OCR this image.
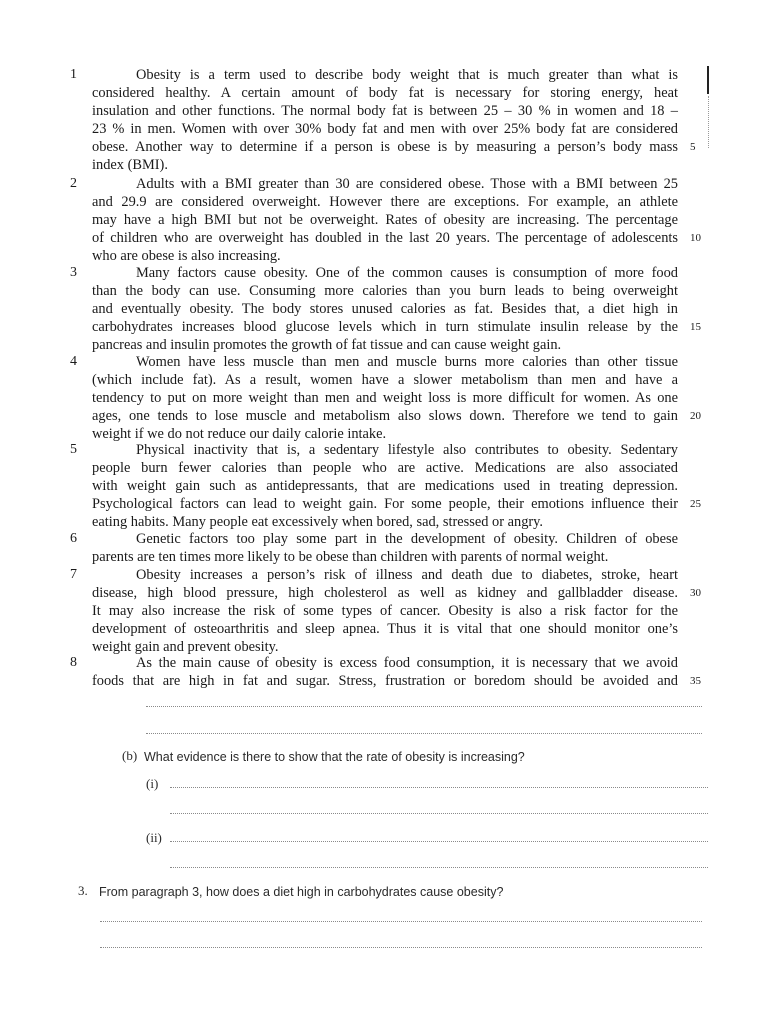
1	Obesity is a term used to describe body weight that is much greater than what is
considered healthy. A certain amount of body fat is necessary for storing energy, heat
insulation and other functions. The normal body fat is between 25 – 30 % in women and 18 –
23 % in men. Women with over 30% body fat and men with over 25% body fat are considered
obese. Another way to determine if a person is obese is by measuring a person’s body mass
index (BMI).
2	Adults with a BMI greater than 30 are considered obese. Those with a BMI between 25
and 29.9 are considered overweight. However there are exceptions. For example, an athlete
may have a high BMI but not be overweight. Rates of obesity are increasing. The percentage
of children who are overweight has doubled in the last 20 years. The percentage of adolescents
who are obese is also increasing.
3	Many factors cause obesity. One of the common causes is consumption of more food
than the body can use. Consuming more calories than you burn leads to being overweight
and eventually obesity. The body stores unused calories as fat. Besides that, a diet high in
carbohydrates increases blood glucose levels which in turn stimulate insulin release by the
pancreas and insulin promotes the growth of fat tissue and can cause weight gain.
4	Women have less muscle than men and muscle burns more calories than other tissue
(which include fat). As a result, women have a slower metabolism than men and have a
tendency to put on more weight than men and weight loss is more difficult for women. As one
ages, one tends to lose muscle and metabolism also slows down. Therefore we tend to gain
weight if we do not reduce our daily calorie intake.
5	Physical inactivity that is, a sedentary lifestyle also contributes to obesity. Sedentary
people burn fewer calories than people who are active. Medications are also associated
with weight gain such as antidepressants, that are medications used in treating depression.
Psychological factors can lead to weight gain. For some people, their emotions influence their
eating habits. Many people eat excessively when bored, sad, stressed or angry.
6	Genetic factors too play some part in the development of obesity. Children of obese
parents are ten times more likely to be obese than children with parents of normal weight.
7	Obesity increases a person’s risk of illness and death due to diabetes, stroke, heart
disease, high blood pressure, high cholesterol as well as kidney and gallbladder disease.
It may also increase the risk of some types of cancer. Obesity is also a risk factor for the
development of osteoarthritis and sleep apnea. Thus it is vital that one should monitor one’s
weight gain and prevent obesity.
8	As the main cause of obesity is excess food consumption, it is necessary that we avoid
foods that are high in fat and sugar. Stress, frustration or boredom should be avoided and
5
10
15
20
25
30
35
(b) What evidence is there to show that the rate of obesity is increasing?
(i)
(ii)
3. From paragraph 3, how does a diet high in carbohydrates cause obesity?
